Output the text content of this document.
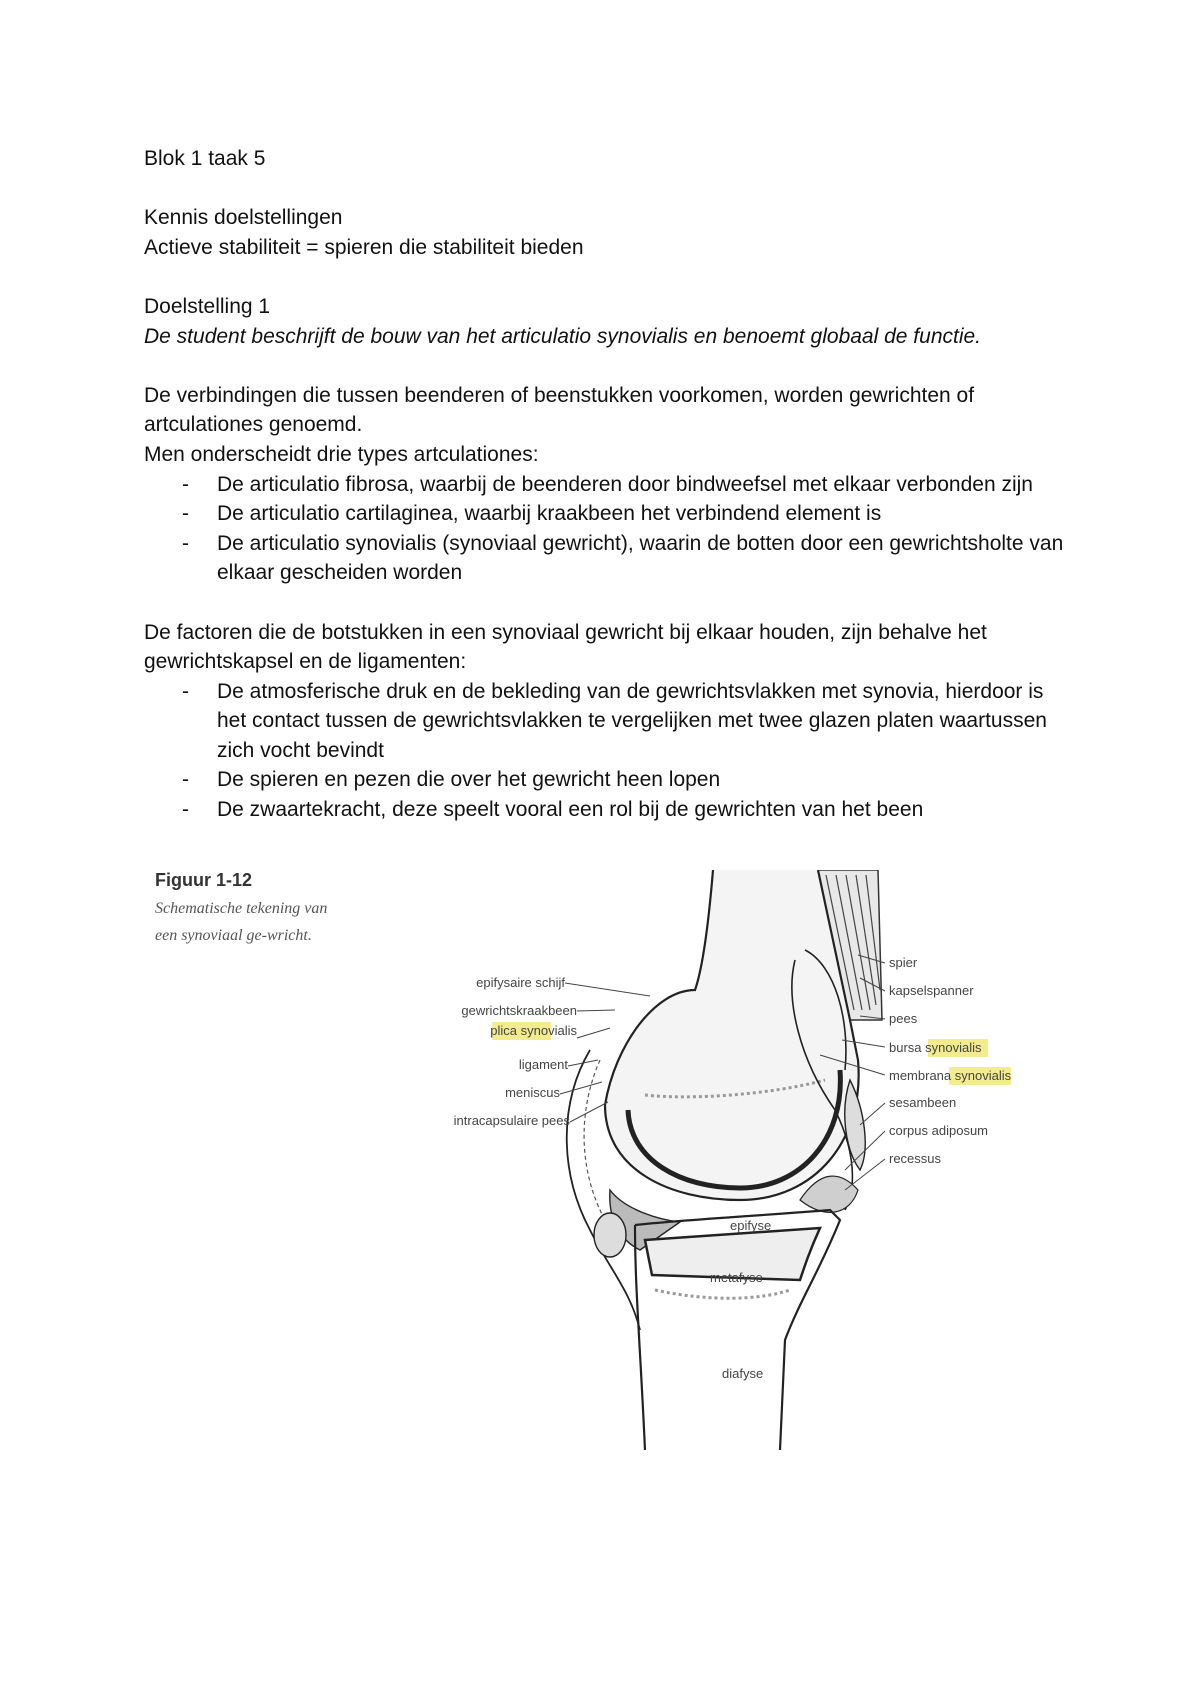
Blok 1 taak 5

Kennis doelstellingen

Actieve stabiliteit = spieren die stabiliteit bieden

Doelstelling 1

De student beschrijft de bouw van het articulatio synovialis en benoemt globaal de functie.

De verbindingen die tussen beenderen of beenstukken voorkomen, worden gewrichten of artculationes genoemd.

Men onderscheidt drie types artculationes:

- De articulatio fibrosa, waarbij de beenderen door bindweefsel met elkaar verbonden zijn
- De articulatio cartilaginea, waarbij kraakbeen het verbindend element is
- De articulatio synovialis (synoviaal gewricht), waarin de botten door een gewrichtsholte van elkaar gescheiden worden

De factoren die de botstukken in een synoviaal gewricht bij elkaar houden, zijn behalve het gewrichtskapsel en de ligamenten:

- De atmosferische druk en de bekleding van de gewrichtsvlakken met synovia, hierdoor is het contact tussen de gewrichtsvlakken te vergelijken met twee glazen platen waartussen zich vocht bevindt
- De spieren en pezen die over het gewricht heen lopen
- De zwaartekracht, deze speelt vooral een rol bij de gewrichten van het been

Figuur 1-12

Schematische tekening van een synoviaal ge-wricht.

epifysaire schijf
gewrichtskraakbeen
plica synovialis
ligament
meniscus
intracapsulaire pees
spier
kapselspanner
pees
bursa synovialis
membrana synovialis
sesambeen
corpus adiposum
recessus
epifyse
metafyse
diafyse
